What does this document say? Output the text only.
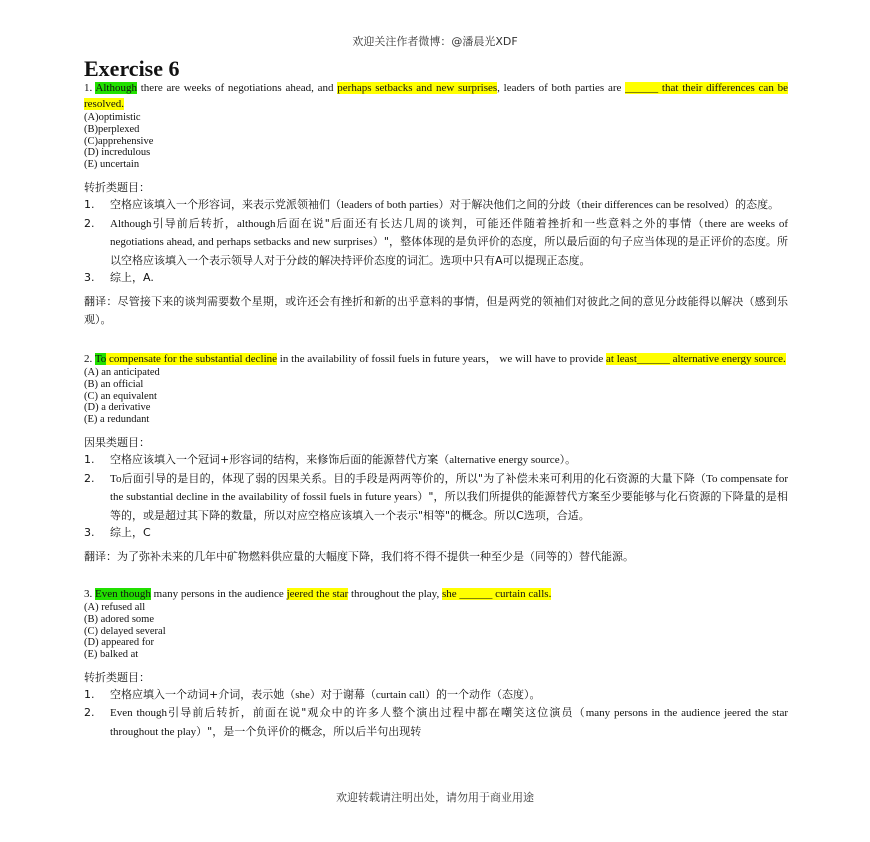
欢迎关注作者微博：@潘晨光XDF
Exercise 6

1. Although there are weeks of negotiations ahead, and perhaps setbacks and new surprises, leaders of both parties are ______ that their differences can be resolved.

(A)optimistic
(B)perplexed
(C)apprehensive
(D) incredulous
(E) uncertain
转折类题目：
1. 空格应该填入一个形容词，来表示党派领袖们（leaders of both parties）对于解决他们之间的分歧（their differences can be resolved）的态度。
2. Although引导前后转折，although后面在说"后面还有长达几周的谈判，可能还伴随着挫折和一些意料之外的事情（there are weeks of negotiations ahead, and perhaps setbacks and new surprises）"，整体体现的是负评价的态度，所以最后面的句子应当体现的是正评价的态度。所以空格应该填入一个表示领导人对于分歧的解决持评价态度的词汇。选项中只有A可以提现正态度。
3. 综上，A.
翻译：尽管接下来的谈判需要数个星期，或许还会有挫折和新的出乎意料的事情，但是两党的领袖们对彼此之间的意见分歧能得以解决（感到乐观）。

2. To compensate for the substantial decline in the availability of fossil fuels in future years， we will have to provide at least______ alternative energy source.

(A) an anticipated
(B) an official
(C) an equivalent
(D) a derivative
(E) a redundant
因果类题目：
1. 空格应该填入一个冠词+形容词的结构，来修饰后面的能源替代方案（alternative energy source）。
2. To后面引导的是目的，体现了弱的因果关系。目的手段是两两等价的，所以"为了补偿未来可利用的化石资源的大量下降（To compensate for the substantial decline in the availability of fossil fuels in future years）"，所以我们所提供的能源替代方案至少要能够与化石资源的下降量的是相等的，或是超过其下降的数量，所以对应空格应该填入一个表示"相等"的概念。所以C选项，合适。
3. 综上，C
翻译：为了弥补未来的几年中矿物燃料供应量的大幅度下降，我们将不得不提供一种至少是（同等的）替代能源。

3. Even though many persons in the audience jeered the star throughout the play, she ______ curtain calls.

(A) refused all
(B) adored some
(C) delayed several
(D) appeared for
(E) balked at
转折类题目：
1. 空格应填入一个动词+介词，表示她（she）对于谢幕（curtain call）的一个动作（态度）。
2. Even though引导前后转折，前面在说"观众中的许多人整个演出过程中都在嘲笑这位演员（many persons in the audience jeered the star throughout the play）"，是一个负评价的概念，所以后半句出现转
欢迎转载请注明出处，请勿用于商业用途
